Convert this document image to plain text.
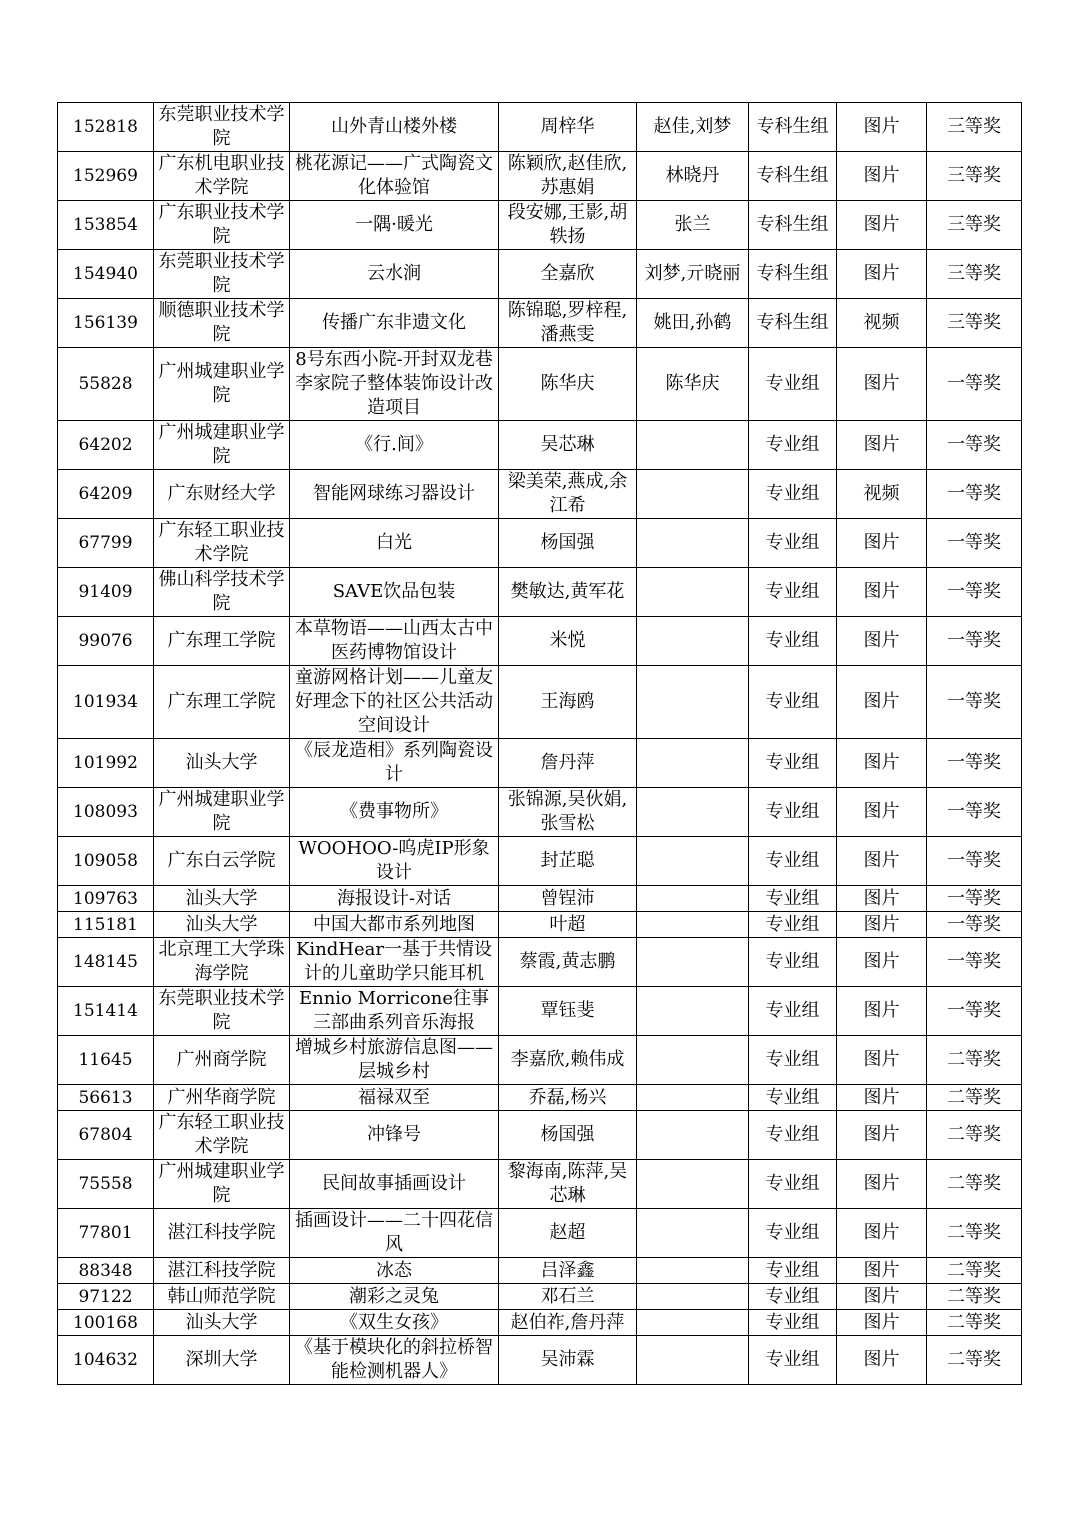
152818	东莞职业技术学院	山外青山楼外楼	周梓华	赵佳,刘梦	专科生组	图片	三等奖
152969	广东机电职业技术学院	桃花源记——广式陶瓷文化体验馆	陈颖欣,赵佳欣,苏惠娟	林晓丹	专科生组	图片	三等奖
153854	广东职业技术学院	一隅·暖光	段安娜,王影,胡轶扬	张兰	专科生组	图片	三等奖
154940	东莞职业技术学院	云水涧	全嘉欣	刘梦,亓晓丽	专科生组	图片	三等奖
156139	顺德职业技术学院	传播广东非遗文化	陈锦聪,罗梓程,潘燕雯	姚田,孙鹤	专科生组	视频	三等奖
55828	广州城建职业学院	8号东西小院-开封双龙巷李家院子整体装饰设计改造项目	陈华庆	陈华庆	专业组	图片	一等奖
64202	广州城建职业学院	《行.间》	吴芯琳		专业组	图片	一等奖
64209	广东财经大学	智能网球练习器设计	梁美荣,燕成,余江希		专业组	视频	一等奖
67799	广东轻工职业技术学院	白光	杨国强		专业组	图片	一等奖
91409	佛山科学技术学院	SAVE饮品包装	樊敏达,黄军花		专业组	图片	一等奖
99076	广东理工学院	本草物语——山西太古中医药博物馆设计	米悦		专业组	图片	一等奖
101934	广东理工学院	童游网格计划——儿童友好理念下的社区公共活动空间设计	王海鸥		专业组	图片	一等奖
101992	汕头大学	《辰龙造相》系列陶瓷设计	詹丹萍		专业组	图片	一等奖
108093	广州城建职业学院	《费事物所》	张锦源,吴伙娟,张雪松		专业组	图片	一等奖
109058	广东白云学院	WOOHOO-呜虎IP形象设计	封芷聪		专业组	图片	一等奖
109763	汕头大学	海报设计-对话	曾锃沛		专业组	图片	一等奖
115181	汕头大学	中国大都市系列地图	叶超		专业组	图片	一等奖
148145	北京理工大学珠海学院	KindHear一基于共情设计的儿童助学只能耳机	蔡霞,黄志鹏		专业组	图片	一等奖
151414	东莞职业技术学院	Ennio Morricone往事三部曲系列音乐海报	覃钰斐		专业组	图片	一等奖
11645	广州商学院	增城乡村旅游信息图——层城乡村	李嘉欣,赖伟成		专业组	图片	二等奖
56613	广州华商学院	福禄双至	乔磊,杨兴		专业组	图片	二等奖
67804	广东轻工职业技术学院	冲锋号	杨国强		专业组	图片	二等奖
75558	广州城建职业学院	民间故事插画设计	黎海南,陈萍,吴芯琳		专业组	图片	二等奖
77801	湛江科技学院	插画设计——二十四花信风	赵超		专业组	图片	二等奖
88348	湛江科技学院	冰态	吕泽鑫		专业组	图片	二等奖
97122	韩山师范学院	潮彩之灵兔	邓石兰		专业组	图片	二等奖
100168	汕头大学	《双生女孩》	赵伯祚,詹丹萍		专业组	图片	二等奖
104632	深圳大学	《基于模块化的斜拉桥智能检测机器人》	吴沛霖		专业组	图片	二等奖
